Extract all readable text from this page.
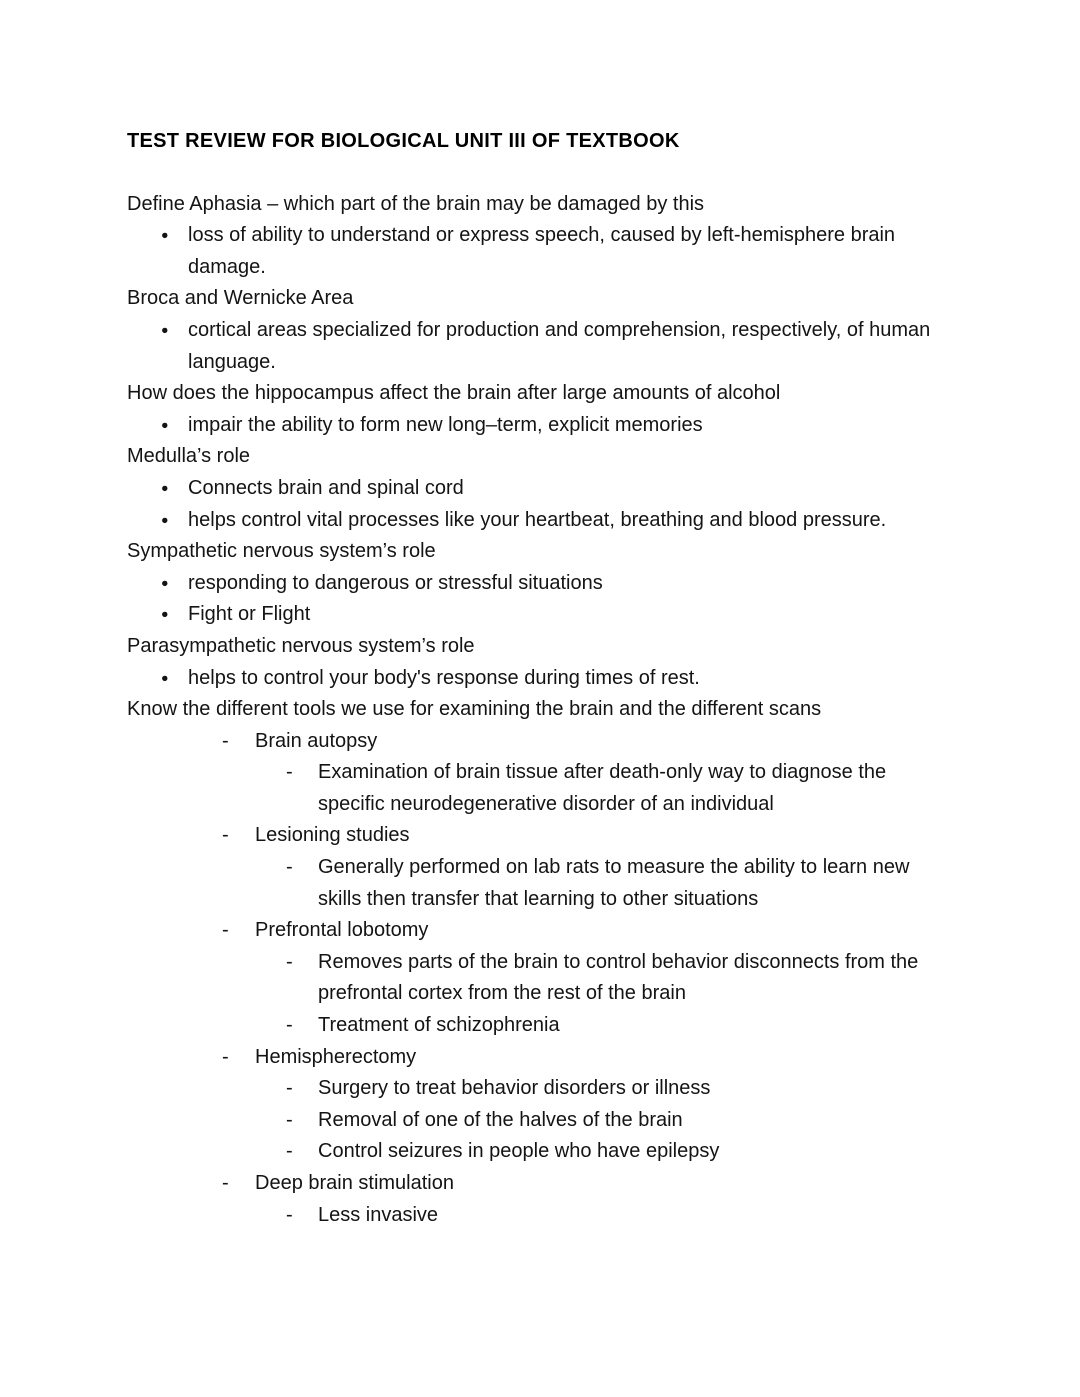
TEST REVIEW FOR BIOLOGICAL UNIT III OF TEXTBOOK
Define Aphasia – which part of the brain may be damaged by this
● loss of ability to understand or express speech, caused by left-hemisphere brain damage.
Broca and Wernicke Area
● cortical areas specialized for production and comprehension, respectively, of human language.
How does the hippocampus affect the brain after large amounts of alcohol
● impair the ability to form new long–term, explicit memories
Medulla’s role
● Connects brain and spinal cord
● helps control vital processes like your heartbeat, breathing and blood pressure.
Sympathetic nervous system’s role
● responding to dangerous or stressful situations
● Fight or Flight
Parasympathetic nervous system’s role
● helps to control your body's response during times of rest.
Know the different tools we use for examining the brain and the different scans
- Brain autopsy
- Examination of brain tissue after death-only way to diagnose the specific neurodegenerative disorder of an individual
- Lesioning studies
- Generally performed on lab rats to measure the ability to learn new skills then transfer that learning to other situations
- Prefrontal lobotomy
- Removes parts of the brain to control behavior disconnects from the prefrontal cortex from the rest of the brain
- Treatment of schizophrenia
- Hemispherectomy
- Surgery to treat behavior disorders or illness
- Removal of one of the halves of the brain
- Control seizures in people who have epilepsy
- Deep brain stimulation
- Less invasive
